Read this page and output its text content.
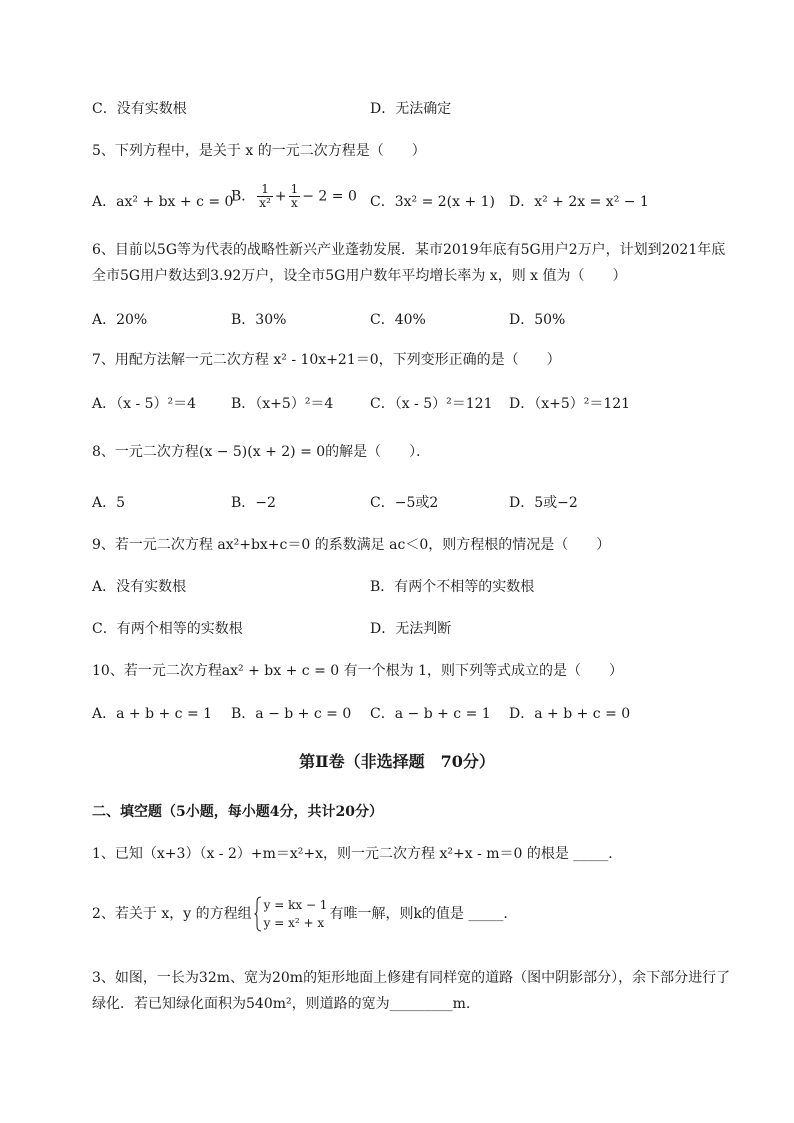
C．没有实数根	D．无法确定
5、下列方程中，是关于 x 的一元二次方程是（　　）
A．ax² + bx + c = 0
B． $\frac{1}{\text{x²}} + \frac{1}{x} - 2 = 0$ C．3x² = 2(x + 1) D．x² + 2x = x² − 1
6、目前以5G等为代表的战略性新兴产业蓬勃发展．某市2019年底有5G用户2万户，计划到2021年底全市5G用户数达到3.92万户，设全市5G用户数年平均增长率为 x，则 x 值为（　　）
A．20%	B．30%	C．40%	D．50%
7、用配方法解一元二次方程 x² - 10x+21＝0，下列变形正确的是（　　）
A．（x - 5）²＝4 B．（x+5）²＝4	C．（x - 5）²＝121 D．（x+5）²＝121
8、一元二次方程(x − 5)(x + 2) = 0的解是（　　）．
A．5	B．−2	C．−5或2	D．5或−2
9、若一元二次方程 ax²+bx+c＝0 的系数满足 ac＜0，则方程根的情况是（　　）
A．没有实数根	B．有两个不相等的实数根
C．有两个相等的实数根	D．无法判断
10、若一元二次方程ax² + bx + c = 0 有一个根为 1，则下列等式成立的是（　　）
A．a + b + c = 1 B．a − b + c = 0 C．a − b + c = 1 D．a + b + c = 0
第Ⅱ卷（非选择题　70分）
二、填空题（5小题，每小题4分，共计20分）
1、已知（x+3）（x - 2）+m＝x²+x，则一元二次方程 x²+x - m＝0 的根是 _____.
2、若关于 x，y 的方程组
y = kx − 1
y = x² + x
有唯一解，则k的值是 _____.
3、如图，一长为32m、宽为20m的矩形地面上修建有同样宽的道路（图中阴影部分），余下部分进行了绿化．若已知绿化面积为540m²，则道路的宽为_________m.
